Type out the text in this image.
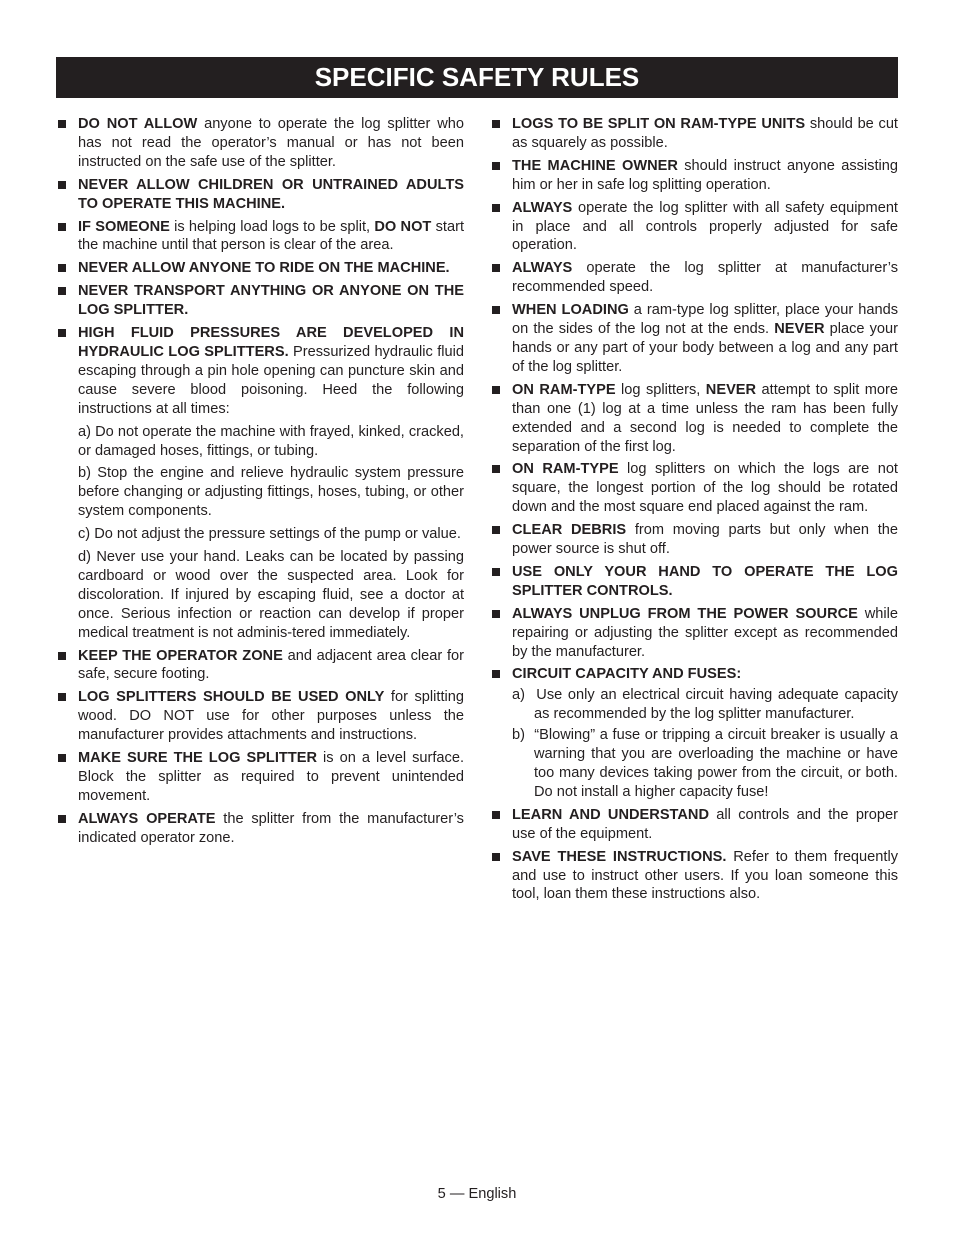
SPECIFIC SAFETY RULES
DO NOT ALLOW anyone to operate the log splitter who has not read the operator’s manual or has not been instructed on the safe use of the splitter.
NEVER ALLOW CHILDREN OR UNTRAINED ADULTS TO OPERATE THIS MACHINE.
IF SOMEONE is helping load logs to be split, DO NOT start the machine until that person is clear of the area.
NEVER ALLOW ANYONE TO RIDE ON THE MACHINE.
NEVER TRANSPORT ANYTHING OR ANYONE ON THE LOG SPLITTER.
HIGH FLUID PRESSURES ARE DEVELOPED IN HYDRAULIC LOG SPLITTERS. Pressurized hydraulic fluid escaping through a pin hole opening can puncture skin and cause severe blood poisoning. Heed the following instructions at all times:
a) Do not operate the machine with frayed, kinked, cracked, or damaged hoses, fittings, or tubing.
b) Stop the engine and relieve hydraulic system pressure before changing or adjusting fittings, hoses, tubing, or other system components.
c) Do not adjust the pressure settings of the pump or value.
d) Never use your hand. Leaks can be located by passing cardboard or wood over the suspected area. Look for discoloration. If injured by escaping fluid, see a doctor at once. Serious infection or reaction can develop if proper medical treatment is not adminis-tered immediately.
KEEP THE OPERATOR ZONE and adjacent area clear for safe, secure footing.
LOG SPLITTERS SHOULD BE USED ONLY for splitting wood. DO NOT use for other purposes unless the manufacturer provides attachments and instructions.
MAKE SURE THE LOG SPLITTER is on a level surface. Block the splitter as required to prevent unintended movement.
ALWAYS OPERATE the splitter from the manufacturer’s indicated operator zone.
LOGS TO BE SPLIT ON RAM-TYPE UNITS should be cut as squarely as possible.
THE MACHINE OWNER should instruct anyone assisting him or her in safe log splitting operation.
ALWAYS operate the log splitter with all safety equipment in place and all controls properly adjusted for safe operation.
ALWAYS operate the log splitter at manufacturer’s recommended speed.
WHEN LOADING a ram-type log splitter, place your hands on the sides of the log not at the ends. NEVER place your hands or any part of your body between a log and any part of the log splitter.
ON RAM-TYPE log splitters, NEVER attempt to split more than one (1) log at a time unless the ram has been fully extended and a second log is needed to complete the separation of the first log.
ON RAM-TYPE log splitters on which the logs are not square, the longest portion of the log should be rotated down and the most square end placed against the ram.
CLEAR DEBRIS from moving parts but only when the power source is shut off.
USE ONLY YOUR HAND TO OPERATE THE LOG SPLITTER CONTROLS.
ALWAYS UNPLUG FROM THE POWER SOURCE while repairing or adjusting the splitter except as recommended by the manufacturer.
CIRCUIT CAPACITY AND FUSES:
a)  Use only an electrical circuit having adequate capacity as recommended by the log splitter manufacturer.
b)  “Blowing” a fuse or tripping a circuit breaker is usually a warning that you are overloading the machine or have too many devices taking power from the circuit, or both. Do not install a higher capacity fuse!
LEARN AND UNDERSTAND all controls and the proper use of the equipment.
SAVE THESE INSTRUCTIONS. Refer to them frequently and use to instruct other users. If you loan someone this tool, loan them these instructions also.
5 — English
